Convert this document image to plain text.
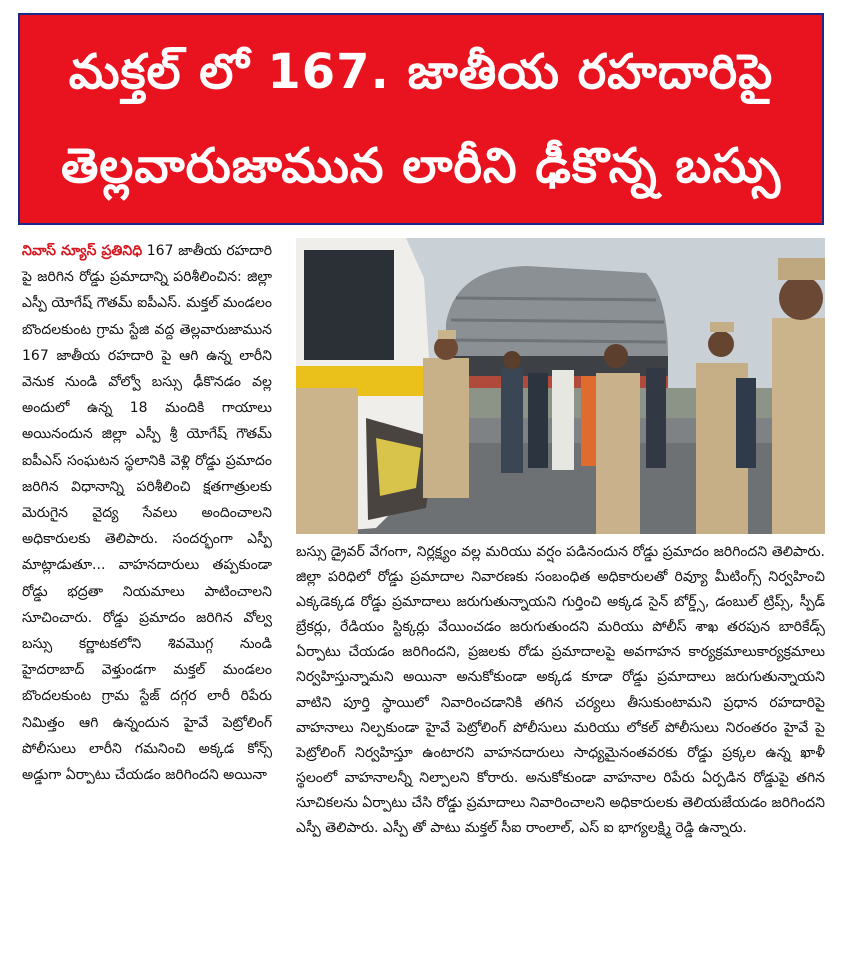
మక్తల్ లో 167. జాతీయ రహదారిపై
తెల్లవారుజామున లారీని ఢీకొన్న బస్సు
నివాస్ న్యూస్ ప్రతినిధి 167 జాతీయ రహదారి పై జరిగిన రోడ్డు ప్రమాదాన్ని పరిశీలించిన: జిల్లా ఎస్పీ యోగేష్ గౌతమ్ ఐపీఎస్. మక్తల్ మండలం బొందలకుంట గ్రామ స్టేజి వద్ద తెల్లవారుజామున 167 జాతీయ రహదారి పై ఆగి ఉన్న లారీని వెనుక నుండి వోల్వో బస్సు ఢీకొనడం వల్ల అందులో ఉన్న 18 మందికి గాయాలు అయినందున జిల్లా ఎస్పీ శ్రీ యోగేష్ గౌతమ్ ఐపీఎస్ సంఘటన స్థలానికి వెళ్లి రోడ్డు ప్రమాదం జరిగిన విధానాన్ని పరిశీలించి క్షతగాత్రులకు మెరుగైన వైద్య సేవలు అందించాలని అధికారులకు తెలిపారు. సందర్భంగా ఎస్పీ మాట్లాడుతూ... వాహనదారులు తప్పకుండా రోడ్డు భద్రతా నియమాలు పాటించాలని సూచించారు. రోడ్డు ప్రమాదం జరిగిన వోల్వ బస్సు కర్ణాటకలోని శివమొగ్గ నుండి హైదరాబాద్ వెళ్తుండగా మక్తల్ మండలం బొందలకుంట గ్రామ స్టేజ్ దగ్గర లారీ రిపేరు నిమిత్తం ఆగి ఉన్నందున హైవే పెట్రోలింగ్ పోలీసులు లారీని గమనించి అక్కడ కోన్స్ అడ్డుగా ఏర్పాటు చేయడం జరిగిందని అయినా
బస్సు డ్రైవర్ వేగంగా, నిర్లక్ష్యం వల్ల మరియు వర్షం పడినందున రోడ్డు ప్రమాదం జరిగిందని తెలిపారు. జిల్లా పరిధిలో రోడ్డు ప్రమాదాల నివారణకు సంబంధిత అధికారులతో రివ్యూ మీటింగ్స్ నిర్వహించి ఎక్కడెక్కడ రోడ్డు ప్రమాదాలు జరుగుతున్నాయని గుర్తించి అక్కడ సైన్ బోర్డ్స్, డంబుల్ ట్రిప్స్, స్పీడ్ బ్రేకర్లు, రేడియం స్టిక్కర్లు వేయించడం జరుగుతుందని మరియు పోలీస్ శాఖ తరపున బారికేడ్స్ ఏర్పాటు చేయడం జరిగిందని, ప్రజలకు రోడు ప్రమాదాలపై అవగాహన కార్యక్రమాలుకార్యక్రమాలు నిర్వహిస్తున్నామని అయినా అనుకోకుండా అక్కడ కూడా రోడ్డు ప్రమాదాలు జరుగుతున్నాయని వాటిని పూర్తి స్థాయిలో నివారించడానికి తగిన చర్యలు తీసుకుంటామని ప్రధాన రహదారిపై వాహనాలు నిల్పకుండా హైవే పెట్రోలింగ్ పోలీసులు మరియు లోకల్ పోలీసులు నిరంతరం హైవే పై పెట్రోలింగ్ నిర్వహిస్తూ ఉంటారని వాహనదారులు సాధ్యమైనంతవరకు రోడ్డు ప్రక్కల ఉన్న ఖాళీ స్థలంలో వాహనాలన్నీ నిల్పాలని కోరారు. అనుకోకుండా వాహనాల రిపేరు ఏర్పడిన రోడ్డుపై తగిన సూచికలను ఏర్పాటు చేసి రోడ్డు ప్రమాదాలు నివారించాలని అధికారులకు తెలియజేయడం జరిగిందని ఎస్పీ తెలిపారు. ఎస్పీ తో పాటు మక్తల్ సీఐ రాంలాల్, ఎస్ ఐ భాగ్యలక్ష్మి రెడ్డి ఉన్నారు.
